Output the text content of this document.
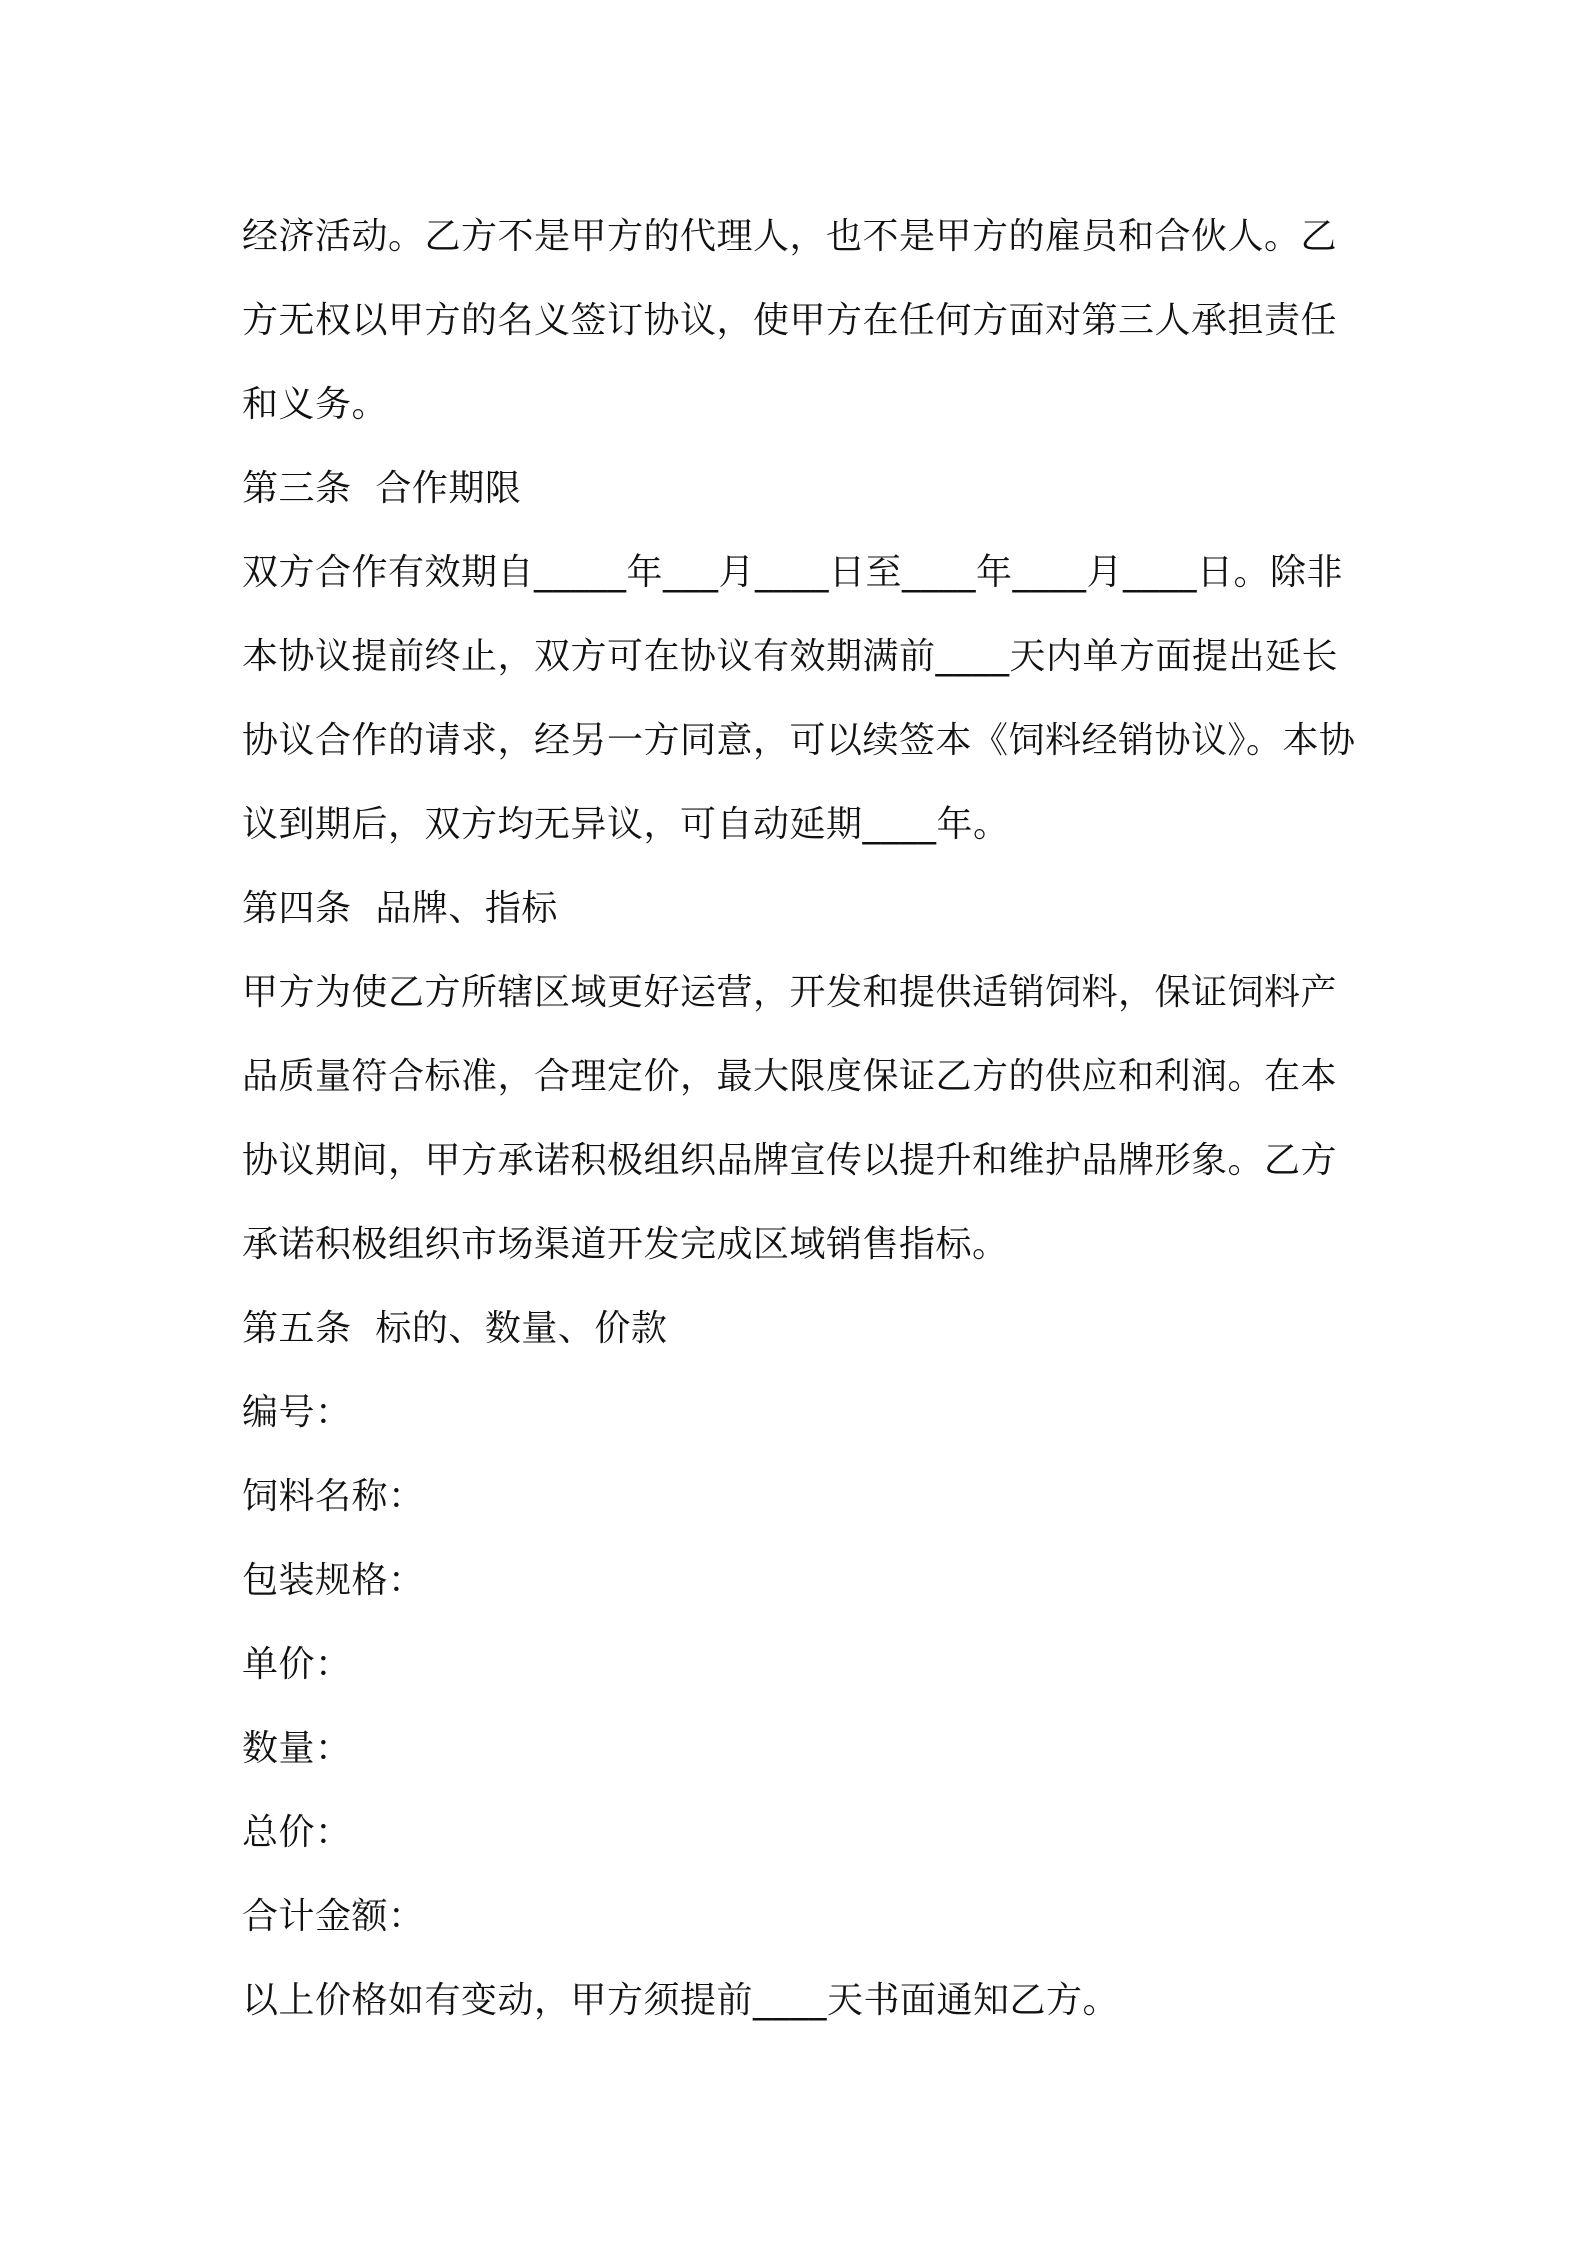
经济活动。乙方不是甲方的代理人，也不是甲方的雇员和合伙人。乙方无权以甲方的名义签订协议，使甲方在任何方面对第三人承担责任和义务。

第三条  合作期限

双方合作有效期自_____年___月____日至____年____月____日。除非本协议提前终止，双方可在协议有效期满前____天内单方面提出延长协议合作的请求，经另一方同意，可以续签本《饲料经销协议》。本协议到期后，双方均无异议，可自动延期____年。

第四条  品牌、指标

甲方为使乙方所辖区域更好运营，开发和提供适销饲料，保证饲料产品质量符合标准，合理定价，最大限度保证乙方的供应和利润。在本协议期间，甲方承诺积极组织品牌宣传以提升和维护品牌形象。乙方承诺积极组织市场渠道开发完成区域销售指标。

第五条  标的、数量、价款

编号：

饲料名称：

包装规格：

单价：

数量：

总价：

合计金额：

以上价格如有变动，甲方须提前____天书面通知乙方。
